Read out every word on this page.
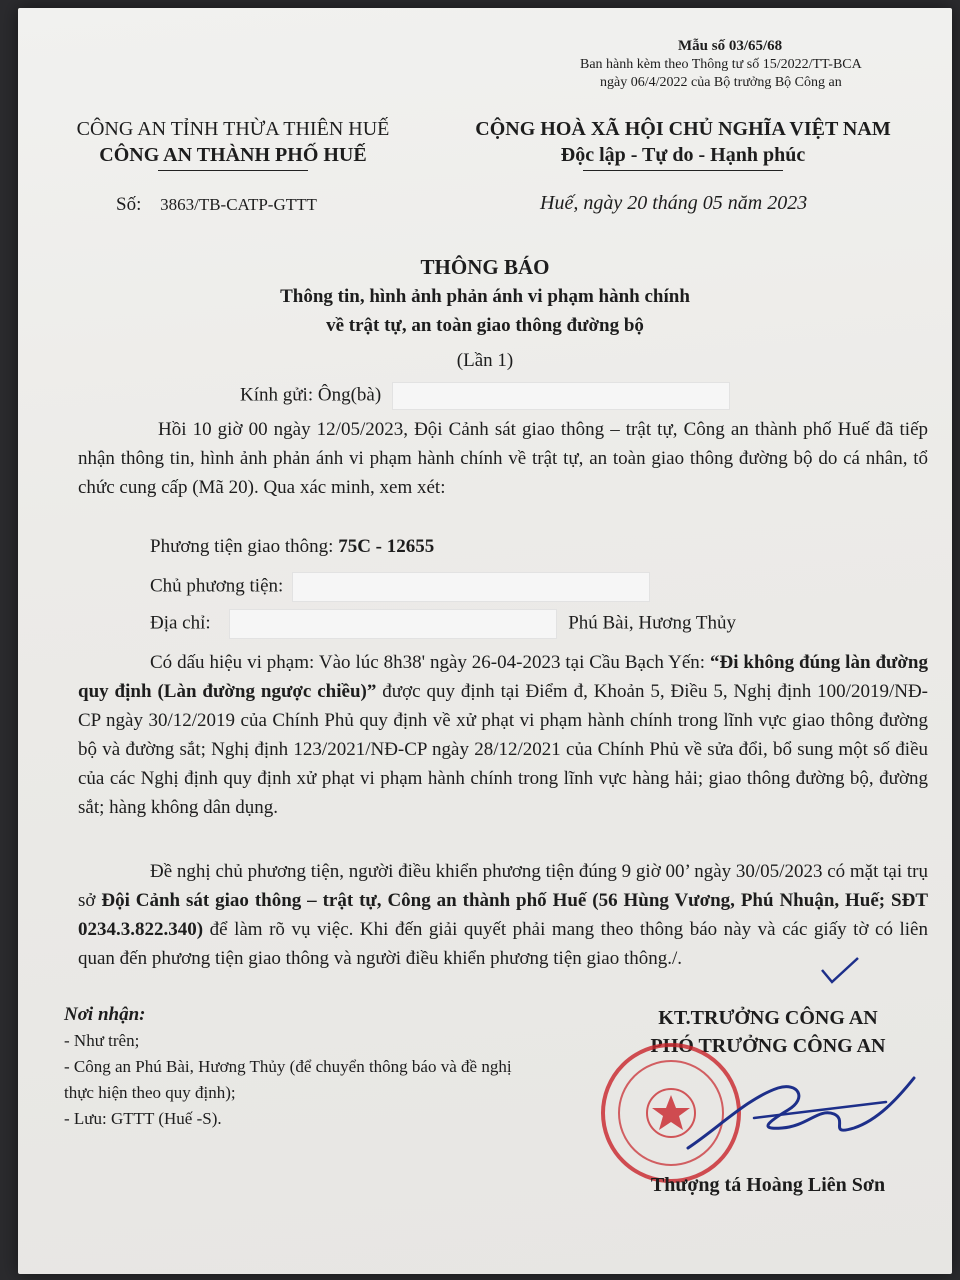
Mẫu số 03/65/68
Ban hành kèm theo Thông tư số 15/2022/TT-BCA
ngày 06/4/2022 của Bộ trưởng Bộ Công an
CÔNG AN TỈNH THỪA THIÊN HUẾ
CÔNG AN THÀNH PHỐ HUẾ
CỘNG HOÀ XÃ HỘI CHỦ NGHĨA VIỆT NAM
Độc lập - Tự do - Hạnh phúc
Số: 3863/TB-CATP-GTTT	Huế, ngày 20 tháng 05 năm 2023
THÔNG BÁO
Thông tin, hình ảnh phản ánh vi phạm hành chính
về trật tự, an toàn giao thông đường bộ
(Lần 1)
Kính gửi: Ông(bà)
Hồi 10 giờ 00 ngày 12/05/2023, Đội Cảnh sát giao thông – trật tự, Công an thành phố Huế đã tiếp nhận thông tin, hình ảnh phản ánh vi phạm hành chính về trật tự, an toàn giao thông đường bộ do cá nhân, tổ chức cung cấp (Mã 20). Qua xác minh, xem xét:
Phương tiện giao thông: 75C - 12655
Chủ phương tiện:
Địa chỉ:	Phú Bài, Hương Thủy
Có dấu hiệu vi phạm: Vào lúc 8h38' ngày 26-04-2023 tại Cầu Bạch Yến: “Đi không đúng làn đường quy định (Làn đường ngược chiều)” được quy định tại Điểm đ, Khoản 5, Điều 5, Nghị định 100/2019/NĐ-CP ngày 30/12/2019 của Chính Phủ quy định về xử phạt vi phạm hành chính trong lĩnh vực giao thông đường bộ và đường sắt; Nghị định 123/2021/NĐ-CP ngày 28/12/2021 của Chính Phủ về sửa đổi, bổ sung một số điều của các Nghị định quy định xử phạt vi phạm hành chính trong lĩnh vực hàng hải; giao thông đường bộ, đường sắt; hàng không dân dụng.
Đề nghị chủ phương tiện, người điều khiển phương tiện đúng 9 giờ 00’ ngày 30/05/2023 có mặt tại trụ sở Đội Cảnh sát giao thông – trật tự, Công an thành phố Huế (56 Hùng Vương, Phú Nhuận, Huế; SĐT 0234.3.822.340) để làm rõ vụ việc. Khi đến giải quyết phải mang theo thông báo này và các giấy tờ có liên quan đến phương tiện giao thông và người điều khiển phương tiện giao thông./.
Nơi nhận:
- Như trên;
- Công an Phú Bài, Hương Thủy (để chuyển thông báo và đề nghị thực hiện theo quy định);
- Lưu: GTTT (Huế -S).
KT.TRƯỞNG CÔNG AN
PHÓ TRƯỞNG CÔNG AN
Thượng tá Hoàng Liên Sơn
